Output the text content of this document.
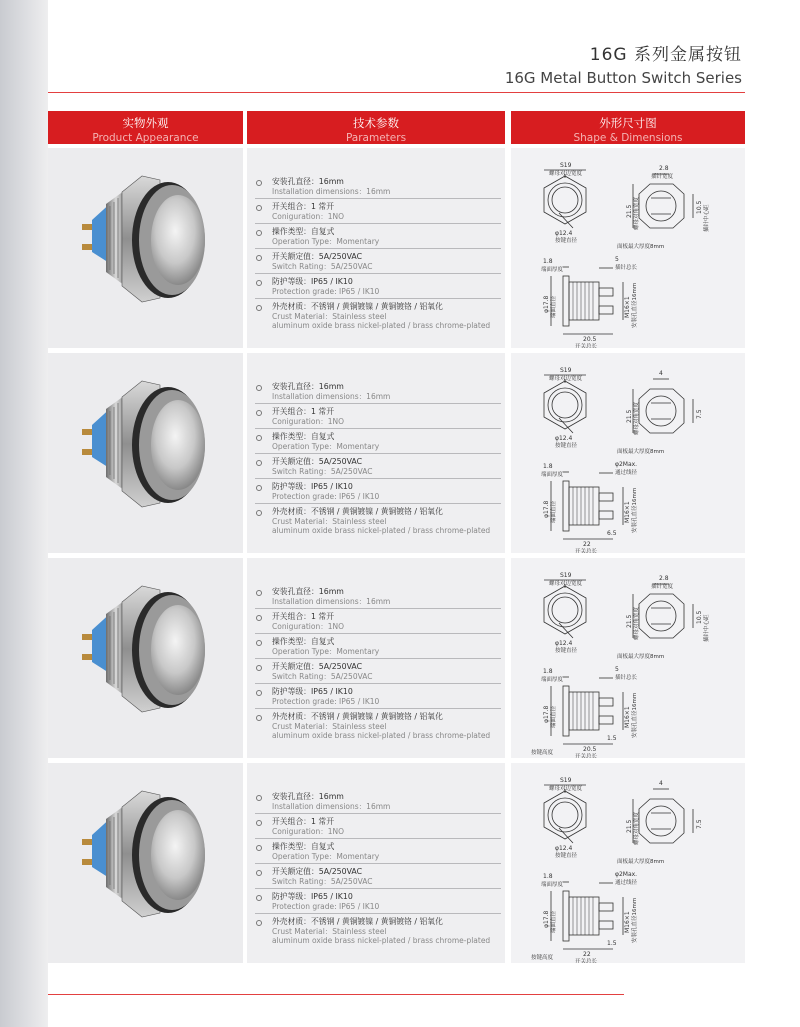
16G 系列金属按钮
16G Metal Button Switch Series
实物外观
Product Appearance
技术参数
Parameters
外形尺寸图
Shape & Dimensions
安装孔直径：16mm
Installation dimensions：16mm
开关组合：1 常开
Coniguration：1NO
操作类型：自复式
Operation Type：Momentary
开关额定值：5A/250VAC
Switch Rating：5A/250VAC
防护等级：IP65 / IK10
Protection grade: IP65 / IK10
外壳材质：不锈钢 / 黄铜镀镍 / 黄铜镀铬 / 铝氧化
Crust Material：Stainless steel
aluminum oxide brass nickel-plated / brass chrome-plated
S19
螺母对边宽度
φ12.4
按键直径
2.8
插针宽度
面板最大厚度8mm
1.8
端面厚度
5
插针总长
20.5
开关总长
21.5 螺母对角宽度	10.5 插针中心距
φ17.8 端面直径	M16×1 安装孔直径16mm
安装孔直径：16mm
Installation dimensions：16mm
开关组合：1 常开
Coniguration：1NO
操作类型：自复式
Operation Type：Momentary
开关额定值：5A/250VAC
Switch Rating：5A/250VAC
防护等级：IP65 / IK10
Protection grade: IP65 / IK10
外壳材质：不锈钢 / 黄铜镀镍 / 黄铜镀铬 / 铝氧化
Crust Material：Stainless steel
aluminum oxide brass nickel-plated / brass chrome-plated
S19
螺母对边宽度
φ12.4
按键直径
4
面板最大厚度8mm
1.8
端面厚度
φ2Max.
通过线径
22
开关总长
6.5
21.5 螺母对角宽度	7.5
φ17.8 端面直径	M16×1 安装孔直径16mm
安装孔直径：16mm
Installation dimensions：16mm
开关组合：1 常开
Coniguration：1NO
操作类型：自复式
Operation Type：Momentary
开关额定值：5A/250VAC
Switch Rating：5A/250VAC
防护等级：IP65 / IK10
Protection grade: IP65 / IK10
外壳材质：不锈钢 / 黄铜镀镍 / 黄铜镀铬 / 铝氧化
Crust Material：Stainless steel
aluminum oxide brass nickel-plated / brass chrome-plated
S19
螺母对边宽度
φ12.4
按键直径
2.8
插针宽度
面板最大厚度8mm
1.8
端面厚度
5
插针总长
20.5
开关总长
1.5
按键高度
21.5 螺母对角宽度	10.5 插针中心距
φ17.8 端面直径	M16×1 安装孔直径16mm
安装孔直径：16mm
Installation dimensions：16mm
开关组合：1 常开
Coniguration：1NO
操作类型：自复式
Operation Type：Momentary
开关额定值：5A/250VAC
Switch Rating：5A/250VAC
防护等级：IP65 / IK10
Protection grade: IP65 / IK10
外壳材质：不锈钢 / 黄铜镀镍 / 黄铜镀铬 / 铝氧化
Crust Material：Stainless steel
aluminum oxide brass nickel-plated / brass chrome-plated
S19
螺母对边宽度
φ12.4
按键直径
4
面板最大厚度8mm
1.8
端面厚度
φ2Max.
通过线径
22
开关总长
1.5
按键高度
21.5 螺母对角宽度	7.5
φ17.8 端面直径	M16×1 安装孔直径16mm
